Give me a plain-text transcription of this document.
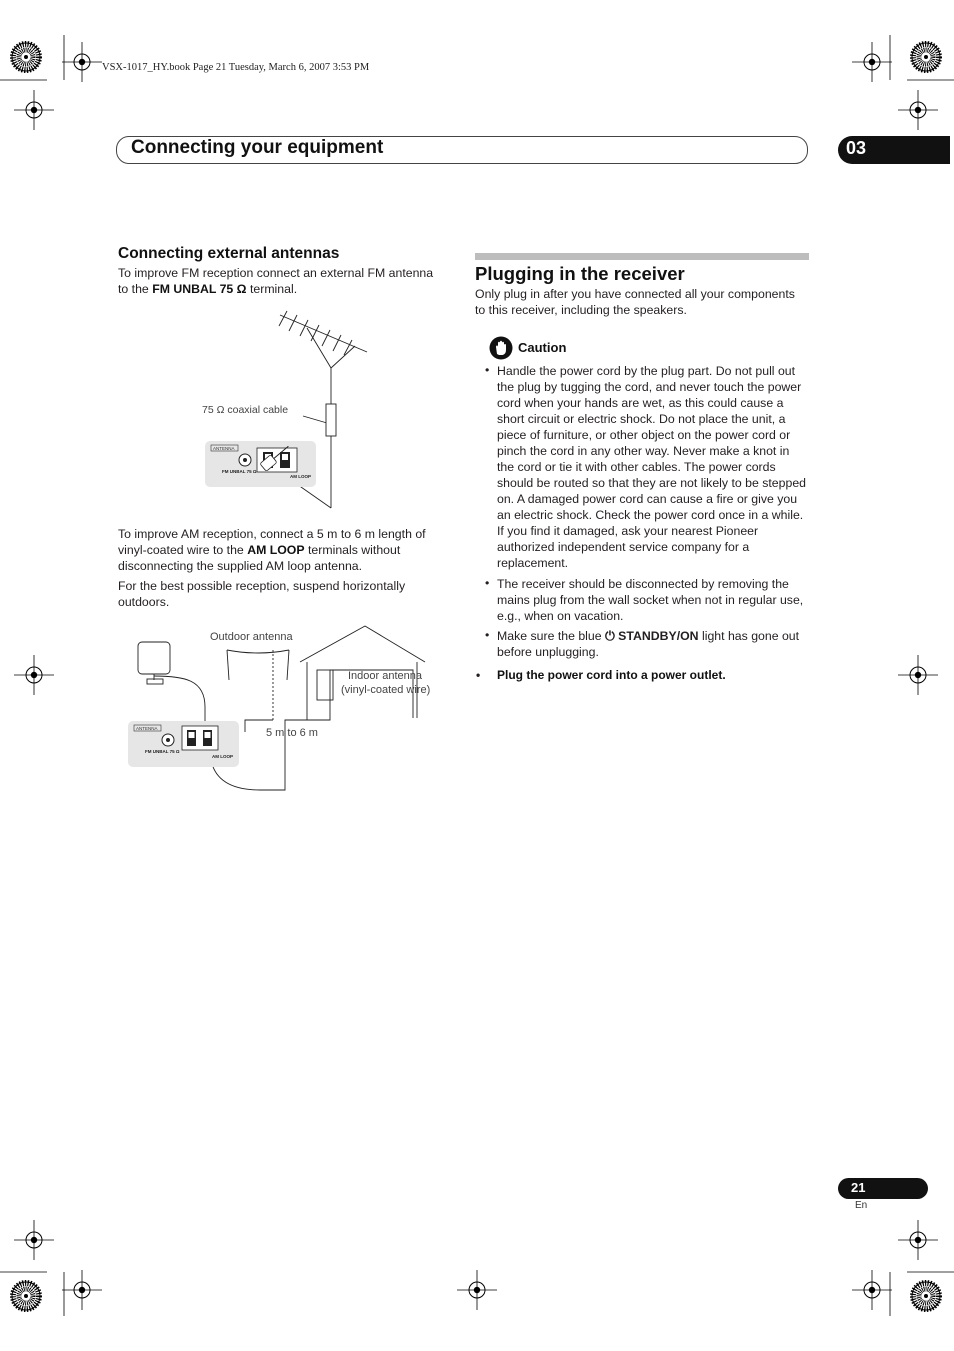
VSX-1017_HY.book Page 21 Tuesday, March 6, 2007 3:53 PM
Connecting your equipment	03
Connecting external antennas

To improve FM reception connect an external FM antenna to the FM UNBAL 75 Ω terminal.

75 Ω coaxial cable
ANTENNA
FM UNBAL 75 Ω
AM LOOP

To improve AM reception, connect a 5 m to 6 m length of vinyl-coated wire to the AM LOOP terminals without disconnecting the supplied AM loop antenna.

For the best possible reception, suspend horizontally outdoors.

Outdoor antenna
Indoor antenna
(vinyl-coated wire)
5 m to 6 m
ANTENNA
FM UNBAL 75 Ω
AM LOOP
Plugging in the receiver

Only plug in after you have connected all your components to this receiver, including the speakers.

Caution
• Handle the power cord by the plug part. Do not pull out the plug by tugging the cord, and never touch the power cord when your hands are wet, as this could cause a short circuit or electric shock. Do not place the unit, a piece of furniture, or other object on the power cord or pinch the cord in any other way. Never make a knot in the cord or tie it with other cables. The power cords should be routed so that they are not likely to be stepped on. A damaged power cord can cause a fire or give you an electric shock. Check the power cord once in a while. If you find it damaged, ask your nearest Pioneer authorized independent service company for a replacement.
• The receiver should be disconnected by removing the mains plug from the wall socket when not in regular use, e.g., when on vacation.
• Make sure the blue ⏻ STANDBY/ON light has gone out before unplugging.
• Plug the power cord into a power outlet.
21
En
